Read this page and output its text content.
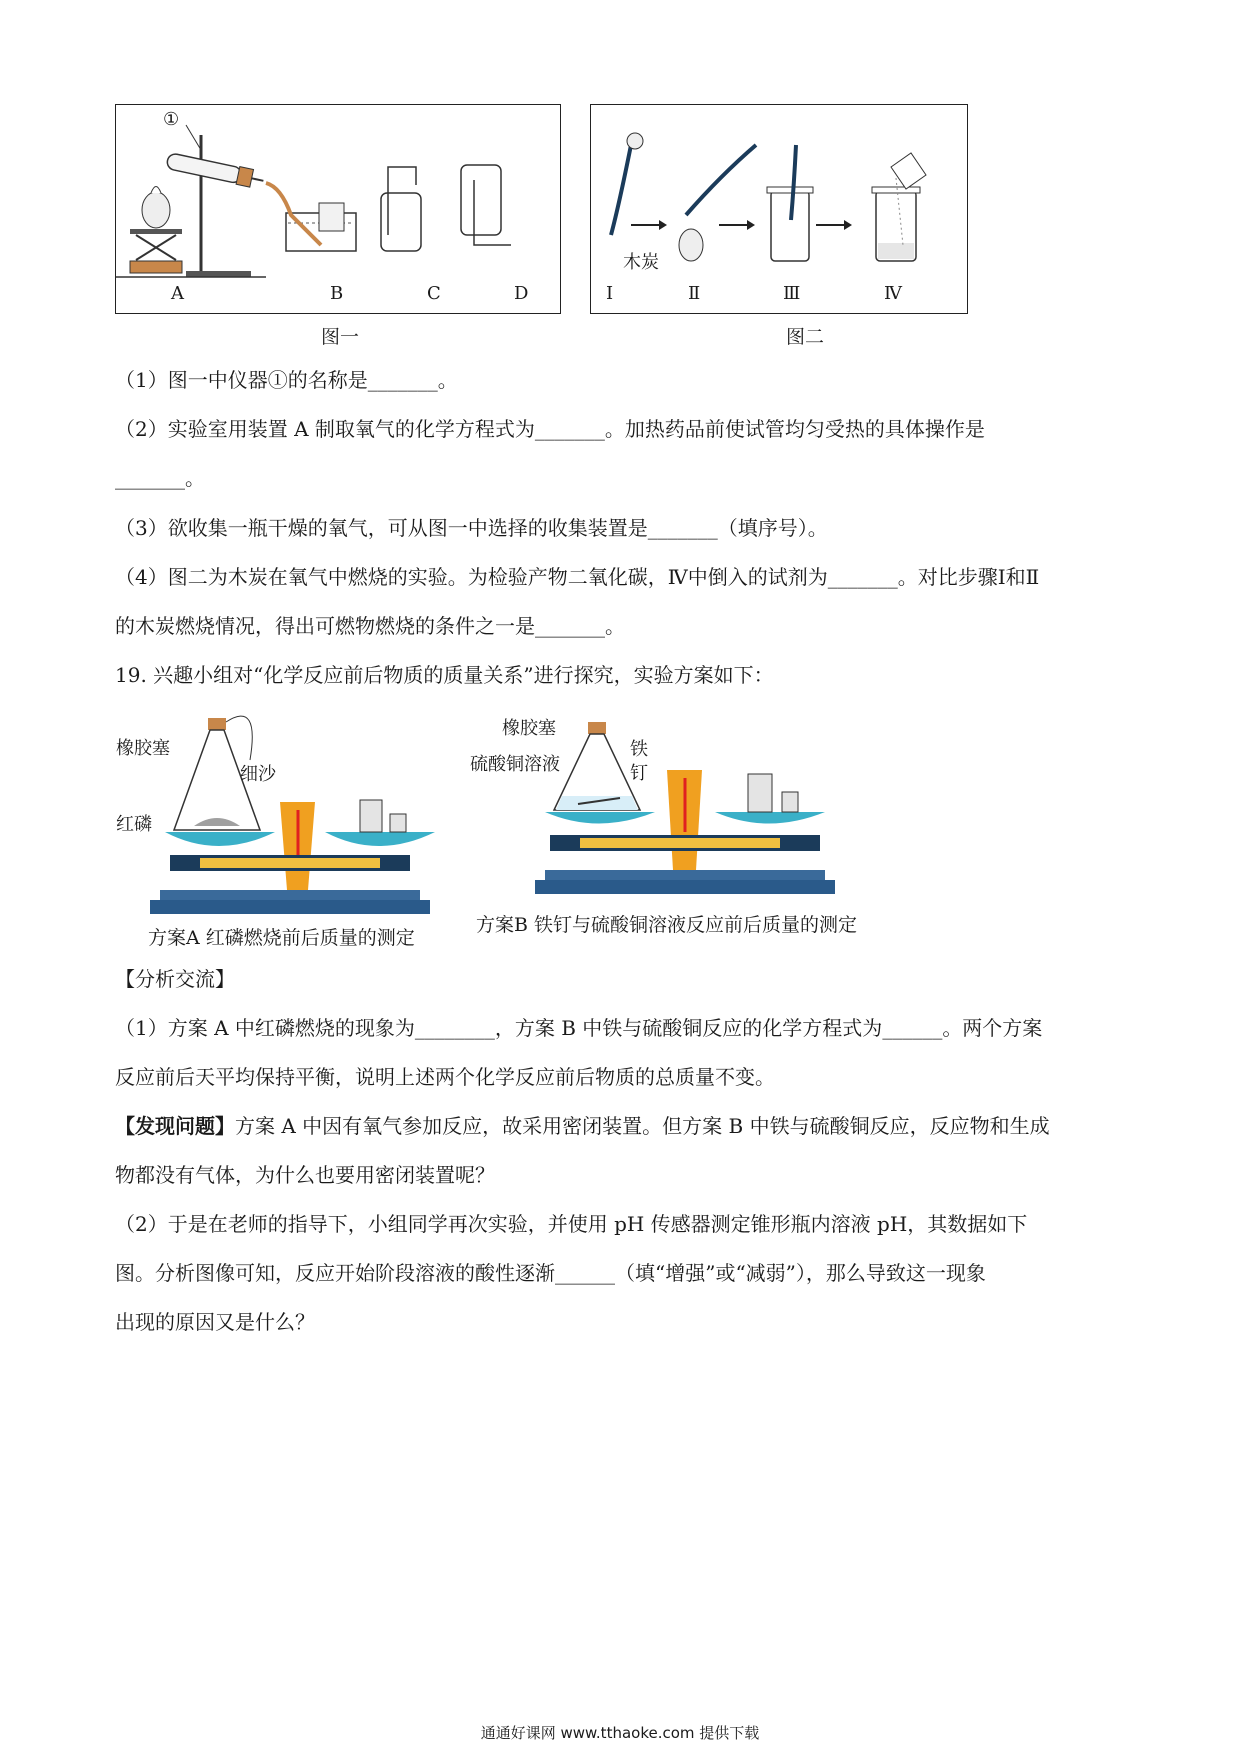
①
A	B	C	D
图一
木炭
Ⅰ	Ⅱ	Ⅲ	Ⅳ
图二
（1）图一中仪器①的名称是_______。
（2）实验室用装置 A 制取氧气的化学方程式为_______。加热药品前使试管均匀受热的具体操作是
_______。
（3）欲收集一瓶干燥的氧气，可从图一中选择的收集装置是_______（填序号）。
（4）图二为木炭在氧气中燃烧的实验。为检验产物二氧化碳，Ⅳ中倒入的试剂为_______。对比步骤Ⅰ和Ⅱ
的木炭燃烧情况，得出可燃物燃烧的条件之一是_______。
19. 兴趣小组对“化学反应前后物质的质量关系”进行探究，实验方案如下：
橡胶塞
细沙
红磷
方案A 红磷燃烧前后质量的测定
橡胶塞
硫酸铜溶液
铁钉
方案B 铁钉与硫酸铜溶液反应前后质量的测定
【分析交流】
（1）方案 A 中红磷燃烧的现象为________，方案 B 中铁与硫酸铜反应的化学方程式为______。两个方案
反应前后天平均保持平衡，说明上述两个化学反应前后物质的总质量不变。
【发现问题】方案 A 中因有氧气参加反应，故采用密闭装置。但方案 B 中铁与硫酸铜反应，反应物和生成
物都没有气体，为什么也要用密闭装置呢？
（2）于是在老师的指导下，小组同学再次实验，并使用 pH 传感器测定锥形瓶内溶液 pH，其数据如下
图。分析图像可知，反应开始阶段溶液的酸性逐渐______（填“增强”或“减弱”），那么导致这一现象
出现的原因又是什么？
通通好课网 www.tthaoke.com 提供下载
